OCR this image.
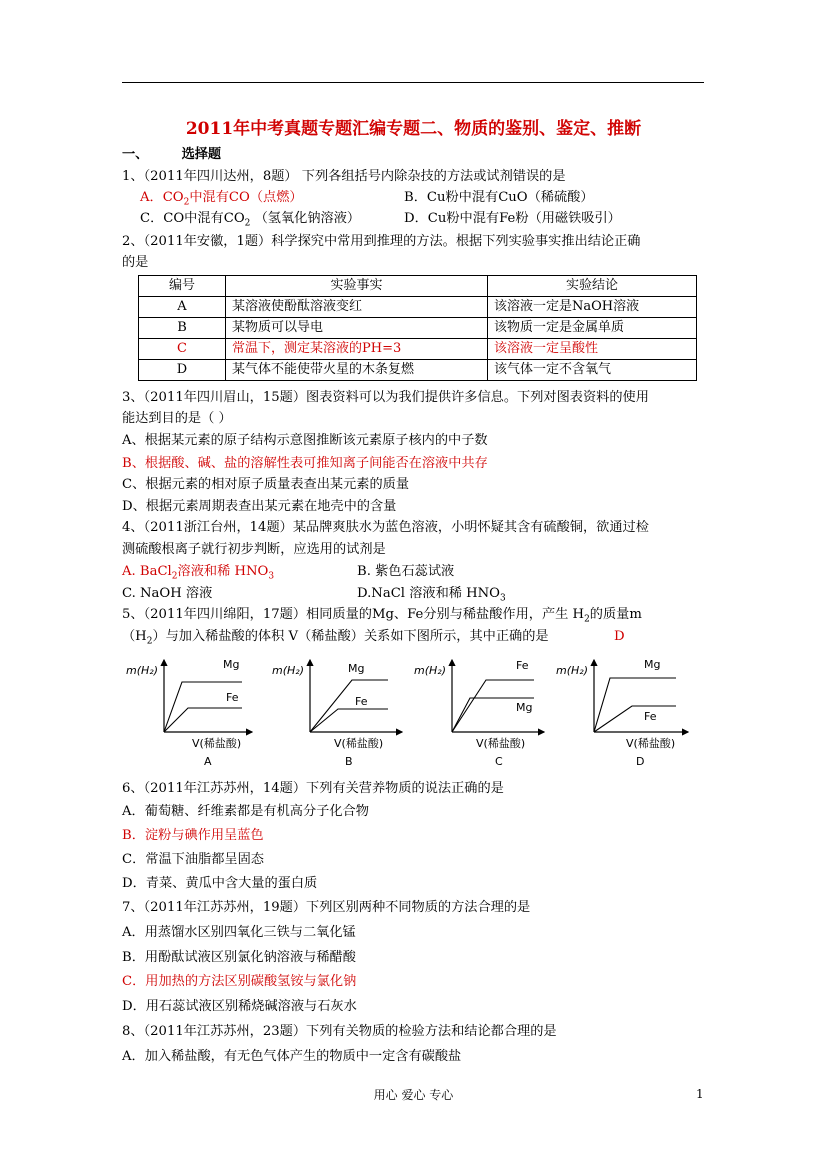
2011年中考真题专题汇编专题二、物质的鉴别、鉴定、推断
一、	选择题
1、（2011年四川达州，8题） 下列各组括号内除杂技的方法或试剂错误的是
A．$CO_2$中混有CO（点燃）	B．Cu粉中混有CuO（稀硫酸）
C．CO中混有$CO_2$ （氢氧化钠溶液）	D．Cu粉中混有Fe粉（用磁铁吸引）
2、（2011年安徽，1题）科学探究中常用到推理的方法。根据下列实验事实推出结论正确
的是
编号	实验事实	实验结论
A	某溶液使酚酞溶液变红	该溶液一定是NaOH溶液
B	某物质可以导电	该物质一定是金属单质
C	常温下，测定某溶液的PH=3	该溶液一定呈酸性
D	某气体不能使带火星的木条复燃	该气体一定不含氧气
3、（2011年四川眉山，15题）图表资料可以为我们提供许多信息。下列对图表资料的使用
能达到目的是（ ）
A、根据某元素的原子结构示意图推断该元素原子核内的中子数
B、根据酸、碱、盐的溶解性表可推知离子间能否在溶液中共存
C、根据元素的相对原子质量表查出某元素的质量
D、根据元素周期表查出某元素在地壳中的含量
4、（2011浙江台州，14题）某品牌爽肤水为蓝色溶液，小明怀疑其含有硫酸铜，欲通过检
测硫酸根离子就行初步判断，应选用的试剂是
A. BaCl$_2$溶液和稀 $HNO_3$	B. 紫色石蕊试液
C. NaOH 溶液	D.NaCl 溶液和稀 $HNO_3$
5、（2011年四川绵阳，17题）相同质量的Mg、Fe分别与稀盐酸作用，产生 $H_2$的质量m
$(H_2)$与加入稀盐酸的体积 V（稀盐酸）关系如下图所示，其中正确的是	D
m(H₂)	Mg
Fe
V(稀盐酸)
A
m(H₂)	Mg
Fe
V(稀盐酸)
B
m(H₂)	Fe
Mg
V(稀盐酸)
C
m(H₂)	Mg
Fe
V(稀盐酸)
D
6、（2011年江苏苏州，14题）下列有关营养物质的说法正确的是
A．葡萄糖、纤维素都是有机高分子化合物
B．淀粉与碘作用呈蓝色
C．常温下油脂都呈固态
D．青菜、黄瓜中含大量的蛋白质
7、（2011年江苏苏州，19题）下列区别两种不同物质的方法合理的是
A．用蒸馏水区别四氧化三铁与二氧化锰
B．用酚酞试液区别氯化钠溶液与稀醋酸
C．用加热的方法区别碳酸氢铵与氯化钠
D．用石蕊试液区别稀烧碱溶液与石灰水
8、（2011年江苏苏州，23题）下列有关物质的检验方法和结论都合理的是
A．加入稀盐酸，有无色气体产生的物质中一定含有碳酸盐
用心 爱心 专心	1
